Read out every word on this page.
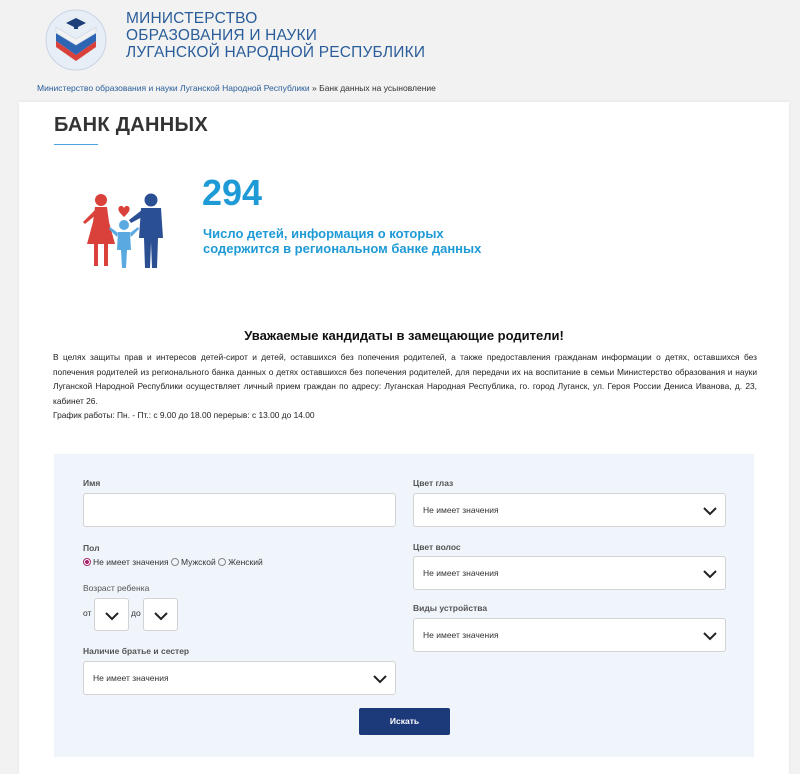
МИНИСТЕРСТВО
ОБРАЗОВАНИЯ И НАУКИ
ЛУГАНСКОЙ НАРОДНОЙ РЕСПУБЛИКИ
Министерство образования и науки Луганской Народной Республики » Банк данных на усыновление
БАНК ДАННЫХ
294
Число детей, информация о которых содержится в региональном банке данных
Уважаемые кандидаты в замещающие родители!
В целях защиты прав и интересов детей-сирот и детей, оставшихся без попечения родителей, а также предоставления гражданам информации о детях, оставшихся без попечения родителей из регионального банка данных о детях оставшихся без попечения родителей, для передачи их на воспитание в семьи Министерство образования и науки Луганской Народной Республики осуществляет личный прием граждан по адресу: Луганская Народная Республика, го. город Луганск, ул. Героя России Дениса Иванова, д. 23, кабинет 26.
График работы: Пн. - Пт.: с 9.00 до 18.00 перерыв: с 13.00 до 14.00
Имя
Пол
Не имеет значения Мужской Женский
Возраст ребенка
от	до
Наличие братье и сестер
Не имеет значения
Цвет глаз
Не имеет значения
Цвет волос
Не имеет значения
Виды устройства
Не имеет значения
Искать
